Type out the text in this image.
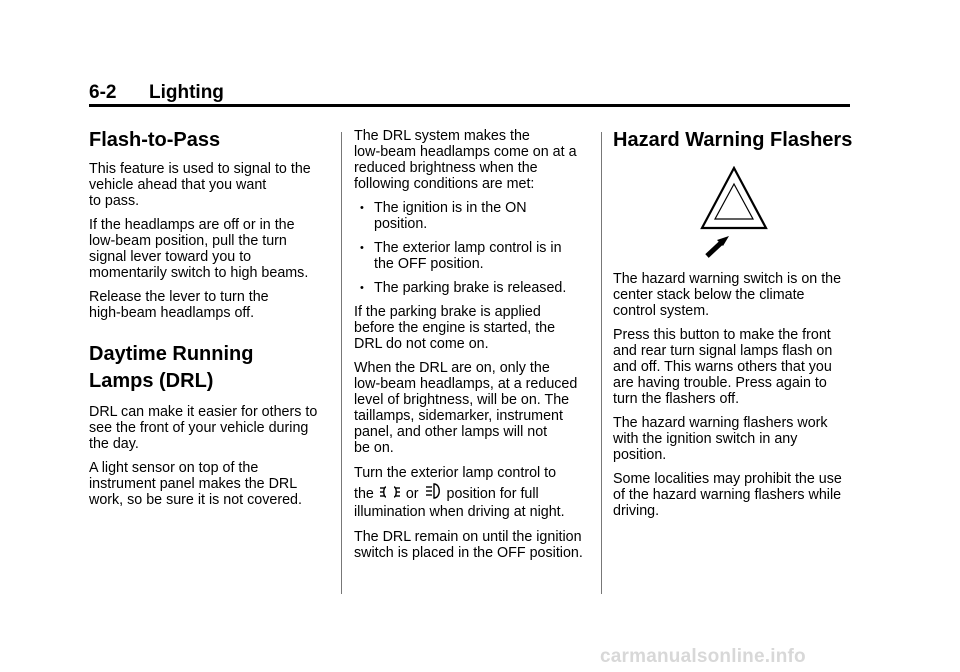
6-2 Lighting
Flash-to-Pass

This feature is used to signal to the
vehicle ahead that you want
to pass.

If the headlamps are off or in the
low-beam position, pull the turn
signal lever toward you to
momentarily switch to high beams.

Release the lever to turn the
high-beam headlamps off.

Daytime Running
Lamps (DRL)

DRL can make it easier for others to
see the front of your vehicle during
the day.

A light sensor on top of the
instrument panel makes the DRL
work, so be sure it is not covered.

The DRL system makes the
low-beam headlamps come on at a
reduced brightness when the
following conditions are met:

• The ignition is in the ON
position.
• The exterior lamp control is in
the OFF position.
• The parking brake is released.

If the parking brake is applied
before the engine is started, the
DRL do not come on.

When the DRL are on, only the
low-beam headlamps, at a reduced
level of brightness, will be on. The
taillamps, sidemarker, instrument
panel, and other lamps will not
be on.

Turn the exterior lamp control to
the or position for full
illumination when driving at night.

The DRL remain on until the ignition
switch is placed in the OFF position.

Hazard Warning Flashers

The hazard warning switch is on the
center stack below the climate
control system.

Press this button to make the front
and rear turn signal lamps flash on
and off. This warns others that you
are having trouble. Press again to
turn the flashers off.

The hazard warning flashers work
with the ignition switch in any
position.

Some localities may prohibit the use
of the hazard warning flashers while
driving.

carmanualsonline.info
